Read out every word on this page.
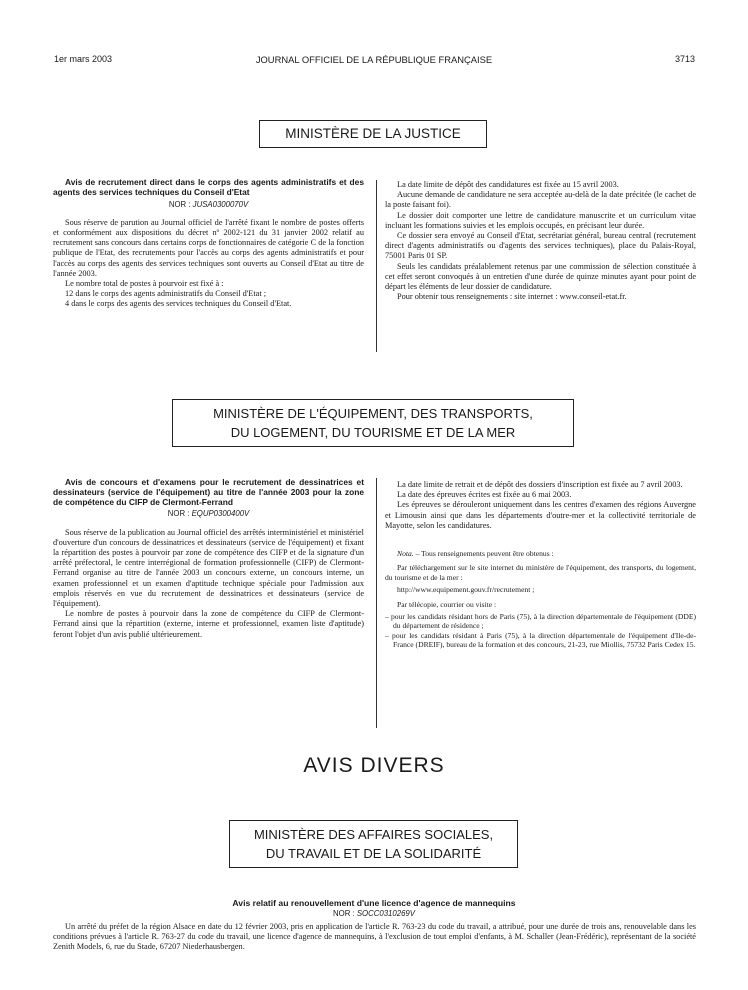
1er mars 2003	JOURNAL OFFICIEL DE LA RÉPUBLIQUE FRANÇAISE	3713
MINISTÈRE DE LA JUSTICE

Avis de recrutement direct dans le corps des agents administratifs et des agents des services techniques du Conseil d'Etat

NOR : JUSA0300070V

Sous réserve de parution au Journal officiel de l'arrêté fixant le nombre de postes offerts et conformément aux dispositions du décret nº 2002-121 du 31 janvier 2002 relatif au recrutement sans concours dans certains corps de fonctionnaires de catégorie C de la fonction publique de l'Etat, des recrutements pour l'accès au corps des agents administratifs et pour l'accès au corps des agents des services techniques sont ouverts au Conseil d'Etat au titre de l'année 2003.

Le nombre total de postes à pourvoir est fixé à :

12 dans le corps des agents administratifs du Conseil d'Etat ;

4 dans le corps des agents des services techniques du Conseil d'Etat.

La date limite de dépôt des candidatures est fixée au 15 avril 2003.

Aucune demande de candidature ne sera acceptée au-delà de la date précitée (le cachet de la poste faisant foi).

Le dossier doit comporter une lettre de candidature manuscrite et un curriculum vitae incluant les formations suivies et les emplois occupés, en précisant leur durée.

Ce dossier sera envoyé au Conseil d'Etat, secrétariat général, bureau central (recrutement direct d'agents administratifs ou d'agents des services techniques), place du Palais-Royal, 75001 Paris 01 SP.

Seuls les candidats préalablement retenus par une commission de sélection constituée à cet effet seront convoqués à un entretien d'une durée de quinze minutes ayant pour point de départ les éléments de leur dossier de candidature.

Pour obtenir tous renseignements : site internet : www.conseil-etat.fr.

MINISTÈRE DE L'ÉQUIPEMENT, DES TRANSPORTS,
DU LOGEMENT, DU TOURISME ET DE LA MER

Avis de concours et d'examens pour le recrutement de dessinatrices et dessinateurs (service de l'équipement) au titre de l'année 2003 pour la zone de compétence du CIFP de Clermont-Ferrand

NOR : EQUP0300400V

Sous réserve de la publication au Journal officiel des arrêtés interministériel et ministériel d'ouverture d'un concours de dessinatrices et dessinateurs (service de l'équipement) et fixant la répartition des postes à pourvoir par zone de compétence des CIFP et de la signature d'un arrêté préfectoral, le centre interrégional de formation professionnelle (CIFP) de Clermont-Ferrand organise au titre de l'année 2003 un concours externe, un concours interne, un examen professionnel et un examen d'aptitude technique spéciale pour l'admission aux emplois réservés en vue du recrutement de dessinatrices et dessinateurs (service de l'équipement).

Le nombre de postes à pourvoir dans la zone de compétence du CIFP de Clermont-Ferrand ainsi que la répartition (externe, interne et professionnel, examen liste d'aptitude) feront l'objet d'un avis publié ultérieurement.

La date limite de retrait et de dépôt des dossiers d'inscription est fixée au 7 avril 2003.

La date des épreuves écrites est fixée au 6 mai 2003.

Les épreuves se dérouleront uniquement dans les centres d'examen des régions Auvergne et Limousin ainsi que dans les départements d'outre-mer et la collectivité territoriale de Mayotte, selon les candidatures.

Nota. – Tous renseignements peuvent être obtenus :

Par téléchargement sur le site internet du ministère de l'équipement, des transports, du logement, du tourisme et de la mer :

http://www.equipement.gouv.fr/recrutement ;

Par télécopie, courrier ou visite :

– pour les candidats résidant hors de Paris (75), à la direction départementale de l'équipement (DDE) du département de résidence ;

– pour les candidats résidant à Paris (75), à la direction départementale de l'équipement d'Ile-de-France (DREIF), bureau de la formation et des concours, 21-23, rue Miollis, 75732 Paris Cedex 15.

AVIS DIVERS
MINISTÈRE DES AFFAIRES SOCIALES,
DU TRAVAIL ET DE LA SOLIDARITÉ
Avis relatif au renouvellement d'une licence d'agence de mannequins
NOR : SOCC0310269V

Un arrêté du préfet de la région Alsace en date du 12 février 2003, pris en application de l'article R. 763-23 du code du travail, a attribué, pour une durée de trois ans, renouvelable dans les conditions prévues à l'article R. 763-27 du code du travail, une licence d'agence de mannequins, à l'exclusion de tout emploi d'enfants, à M. Schaller (Jean-Frédéric), représentant de la société Zenith Models, 6, rue du Stade, 67207 Niederhausbergen.
